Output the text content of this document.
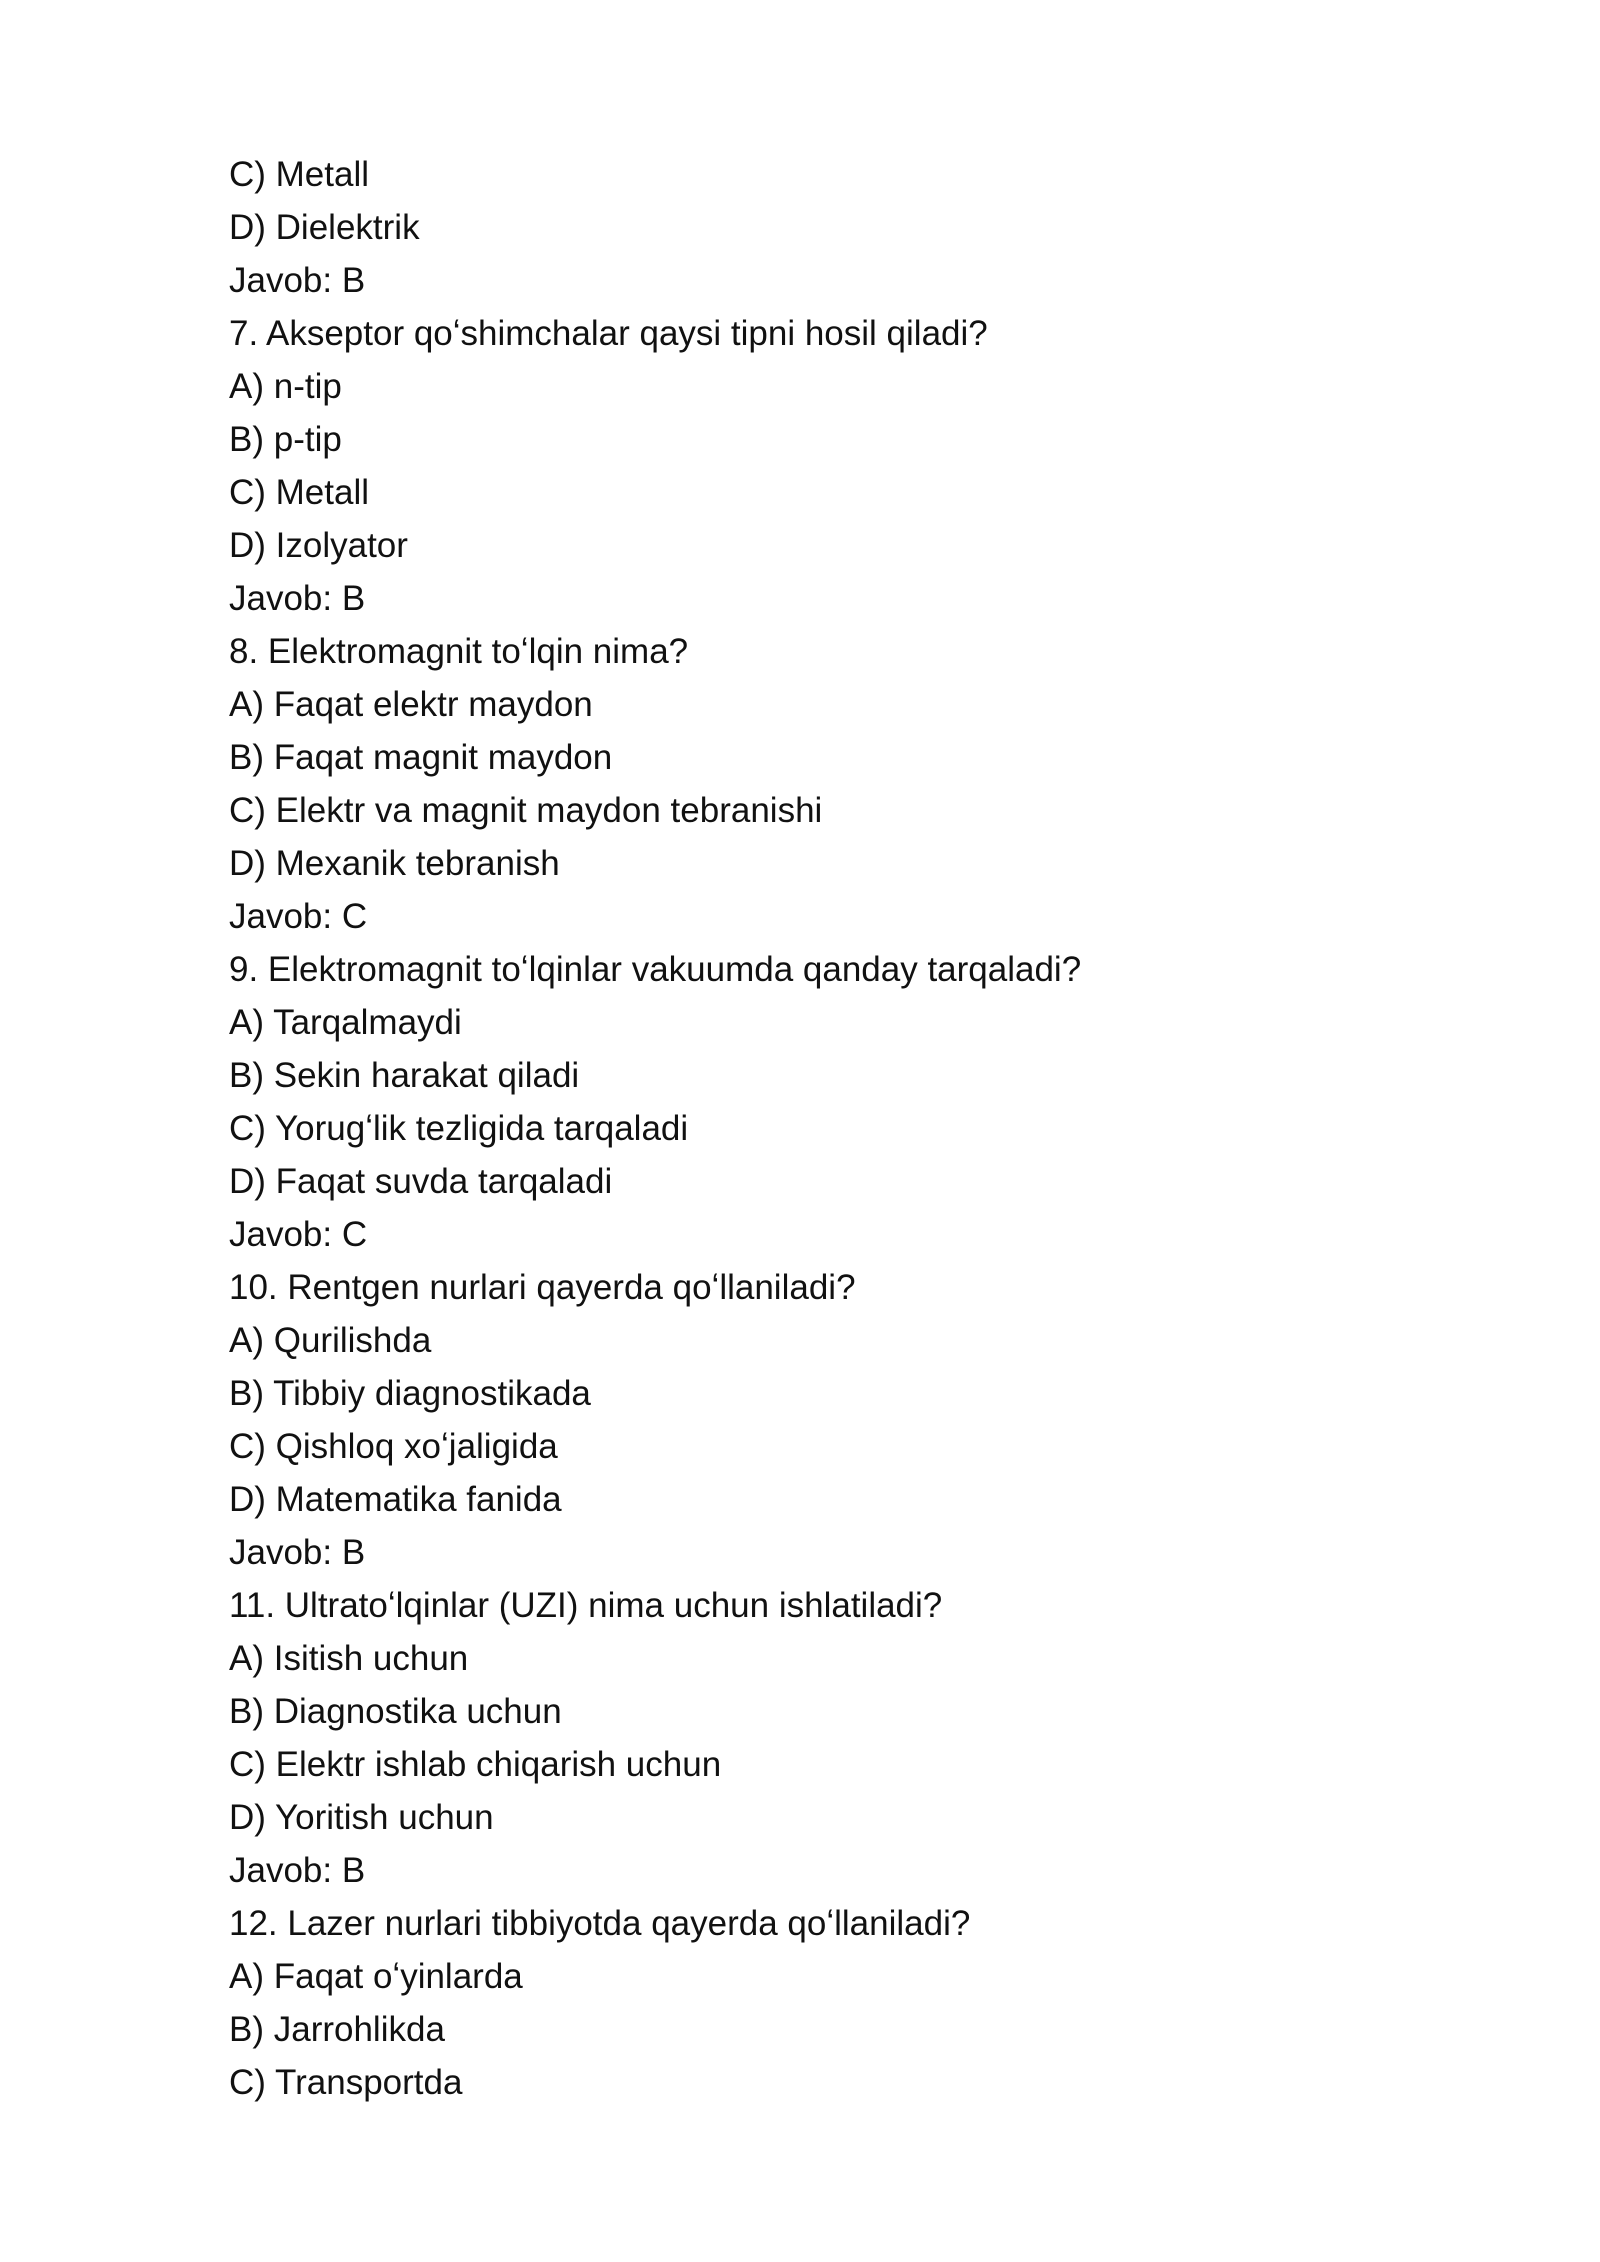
C) Metall
D) Dielektrik
Javob: B
7. Akseptor qoʻshimchalar qaysi tipni hosil qiladi?
A) n-tip
B) p-tip
C) Metall
D) Izolyator
Javob: B
8. Elektromagnit toʻlqin nima?
A) Faqat elektr maydon
B) Faqat magnit maydon
C) Elektr va magnit maydon tebranishi
D) Mexanik tebranish
Javob: C
9. Elektromagnit toʻlqinlar vakuumda qanday tarqaladi?
A) Tarqalmaydi
B) Sekin harakat qiladi
C) Yorugʻlik tezligida tarqaladi
D) Faqat suvda tarqaladi
Javob: C
10. Rentgen nurlari qayerda qoʻllaniladi?
A) Qurilishda
B) Tibbiy diagnostikada
C) Qishloq xoʻjaligida
D) Matematika fanida
Javob: B
11. Ultratoʻlqinlar (UZI) nima uchun ishlatiladi?
A) Isitish uchun
B) Diagnostika uchun
C) Elektr ishlab chiqarish uchun
D) Yoritish uchun
Javob: B
12. Lazer nurlari tibbiyotda qayerda qoʻllaniladi?
A) Faqat oʻyinlarda
B) Jarrohlikda
C) Transportda
